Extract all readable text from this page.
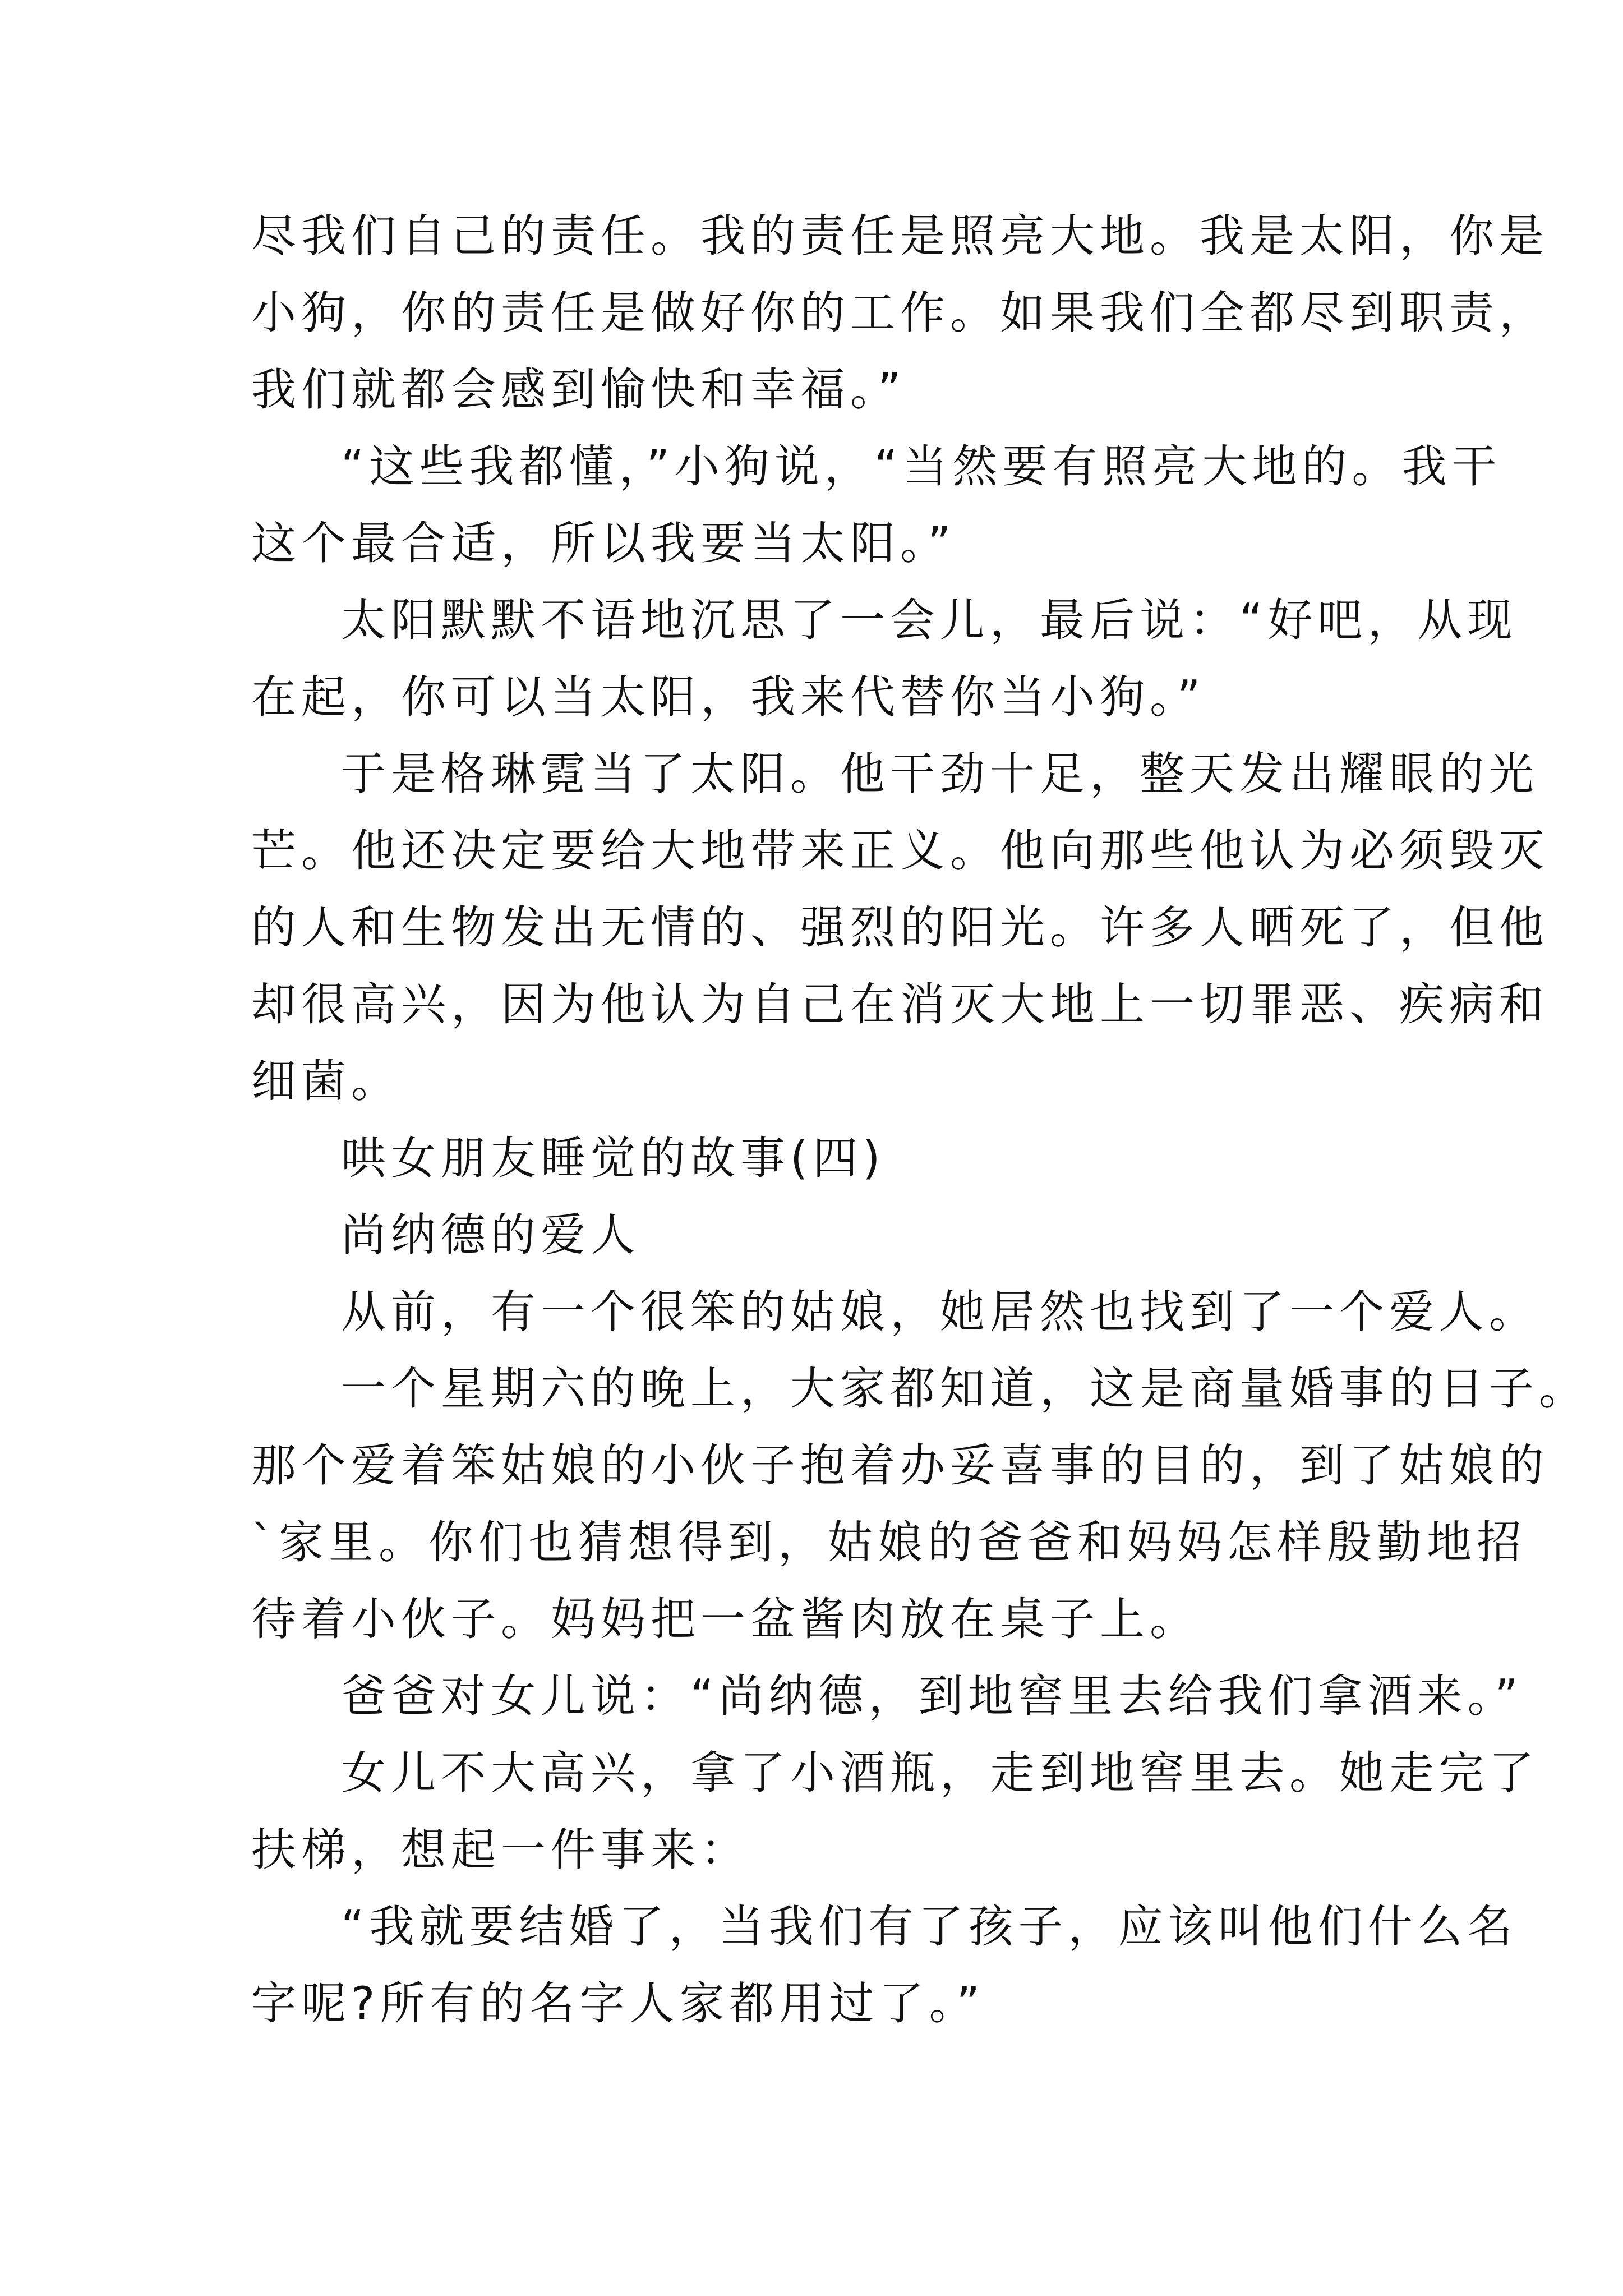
尽我们自己的责任。我的责任是照亮大地。我是太阳，你是
小狗，你的责任是做好你的工作。如果我们全都尽到职责，
我们就都会感到愉快和幸福。”
“这些我都懂，”小狗说，“当然要有照亮大地的。我干
这个最合适，所以我要当太阳。”
太阳默默不语地沉思了一会儿，最后说：“好吧，从现
在起，你可以当太阳，我来代替你当小狗。”
于是格琳霓当了太阳。他干劲十足，整天发出耀眼的光
芒。他还决定要给大地带来正义。他向那些他认为必须毁灭
的人和生物发出无情的、强烈的阳光。许多人晒死了，但他
却很高兴，因为他认为自己在消灭大地上一切罪恶、疾病和
细菌。
哄女朋友睡觉的故事(四)
尚纳德的爱人
从前，有一个很笨的姑娘，她居然也找到了一个爱人。
一个星期六的晚上，大家都知道，这是商量婚事的日子。
那个爱着笨姑娘的小伙子抱着办妥喜事的目的，到了姑娘的
`家里。你们也猜想得到，姑娘的爸爸和妈妈怎样殷勤地招
待着小伙子。妈妈把一盆酱肉放在桌子上。
爸爸对女儿说：“尚纳德，到地窖里去给我们拿酒来。”
女儿不大高兴，拿了小酒瓶，走到地窖里去。她走完了
扶梯，想起一件事来：
“我就要结婚了，当我们有了孩子，应该叫他们什么名
字呢?所有的名字人家都用过了。”
